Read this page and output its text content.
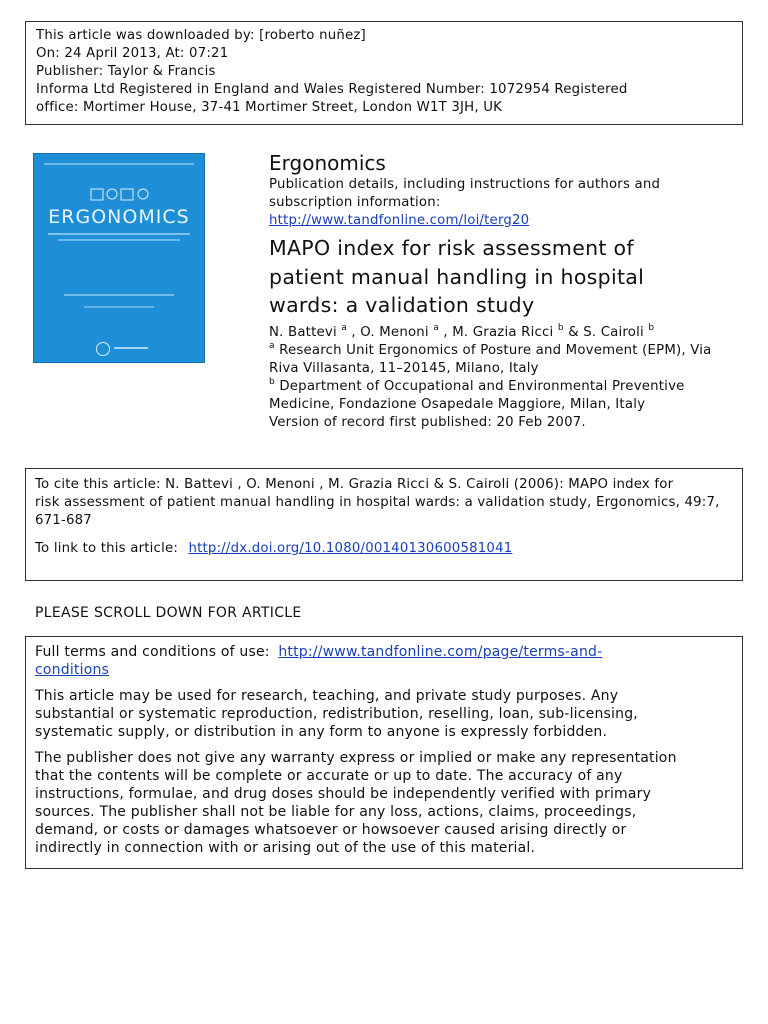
This article was downloaded by: [roberto nuñez]
On: 24 April 2013, At: 07:21
Publisher: Taylor & Francis
Informa Ltd Registered in England and Wales Registered Number: 1072954 Registered
office: Mortimer House, 37-41 Mortimer Street, London W1T 3JH, UK
ERGONOMICS
Ergonomics
Publication details, including instructions for authors and
subscription information:
http://www.tandfonline.com/loi/terg20
MAPO index for risk assessment of
patient manual handling in hospital
wards: a validation study
N. Battevi $^a$ , O. Menoni $^a$ , M. Grazia Ricci $^b$ & S. Cairoli $^b$
$^a$ Research Unit Ergonomics of Posture and Movement (EPM), Via
Riva Villasanta, 11–20145, Milano, Italy
$^b$ Department of Occupational and Environmental Preventive
Medicine, Fondazione Osapedale Maggiore, Milan, Italy
Version of record first published: 20 Feb 2007.
To cite this article: N. Battevi , O. Menoni , M. Grazia Ricci & S. Cairoli (2006): MAPO index for
risk assessment of patient manual handling in hospital wards: a validation study, Ergonomics, 49:7,
671-687
To link to this article: http://dx.doi.org/10.1080/00140130600581041
PLEASE SCROLL DOWN FOR ARTICLE
Full terms and conditions of use: http://www.tandfonline.com/page/terms-and-
conditions
This article may be used for research, teaching, and private study purposes. Any
substantial or systematic reproduction, redistribution, reselling, loan, sub-licensing,
systematic supply, or distribution in any form to anyone is expressly forbidden.
The publisher does not give any warranty express or implied or make any representation
that the contents will be complete or accurate or up to date. The accuracy of any
instructions, formulae, and drug doses should be independently verified with primary
sources. The publisher shall not be liable for any loss, actions, claims, proceedings,
demand, or costs or damages whatsoever or howsoever caused arising directly or
indirectly in connection with or arising out of the use of this material.
